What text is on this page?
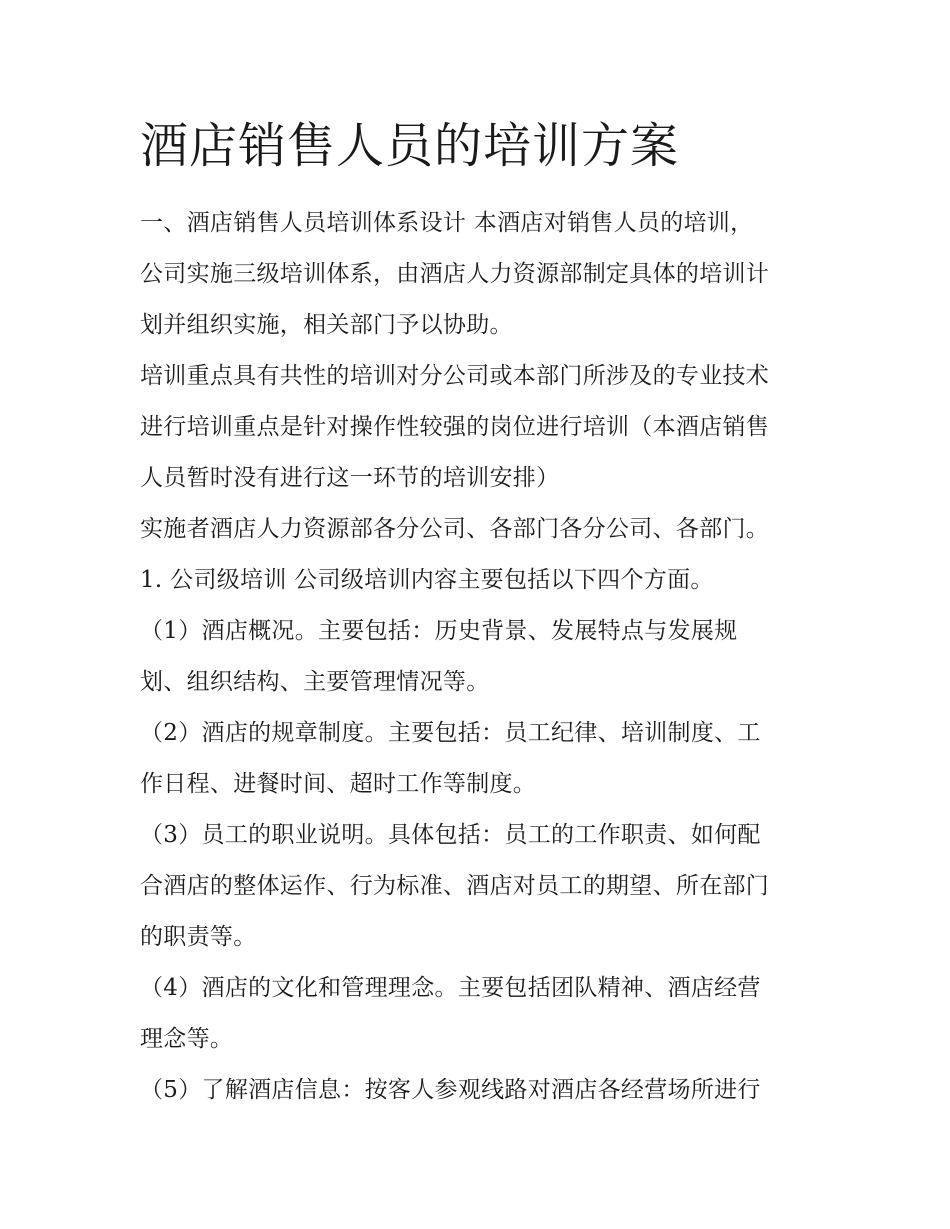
酒店销售人员的培训方案
一、酒店销售人员培训体系设计 本酒店对销售人员的培训，
公司实施三级培训体系，由酒店人力资源部制定具体的培训计
划并组织实施，相关部门予以协助。
培训重点具有共性的培训对分公司或本部门所涉及的专业技术
进行培训重点是针对操作性较强的岗位进行培训（本酒店销售
人员暂时没有进行这一环节的培训安排）
实施者酒店人力资源部各分公司、各部门各分公司、各部门。
1. 公司级培训 公司级培训内容主要包括以下四个方面。
（1）酒店概况。主要包括：历史背景、发展特点与发展规
划、组织结构、主要管理情况等。
（2）酒店的规章制度。主要包括：员工纪律、培训制度、工
作日程、进餐时间、超时工作等制度。
（3）员工的职业说明。具体包括：员工的工作职责、如何配
合酒店的整体运作、行为标准、酒店对员工的期望、所在部门
的职责等。
（4）酒店的文化和管理理念。主要包括团队精神、酒店经营
理念等。
（5）了解酒店信息：按客人参观线路对酒店各经营场所进行
